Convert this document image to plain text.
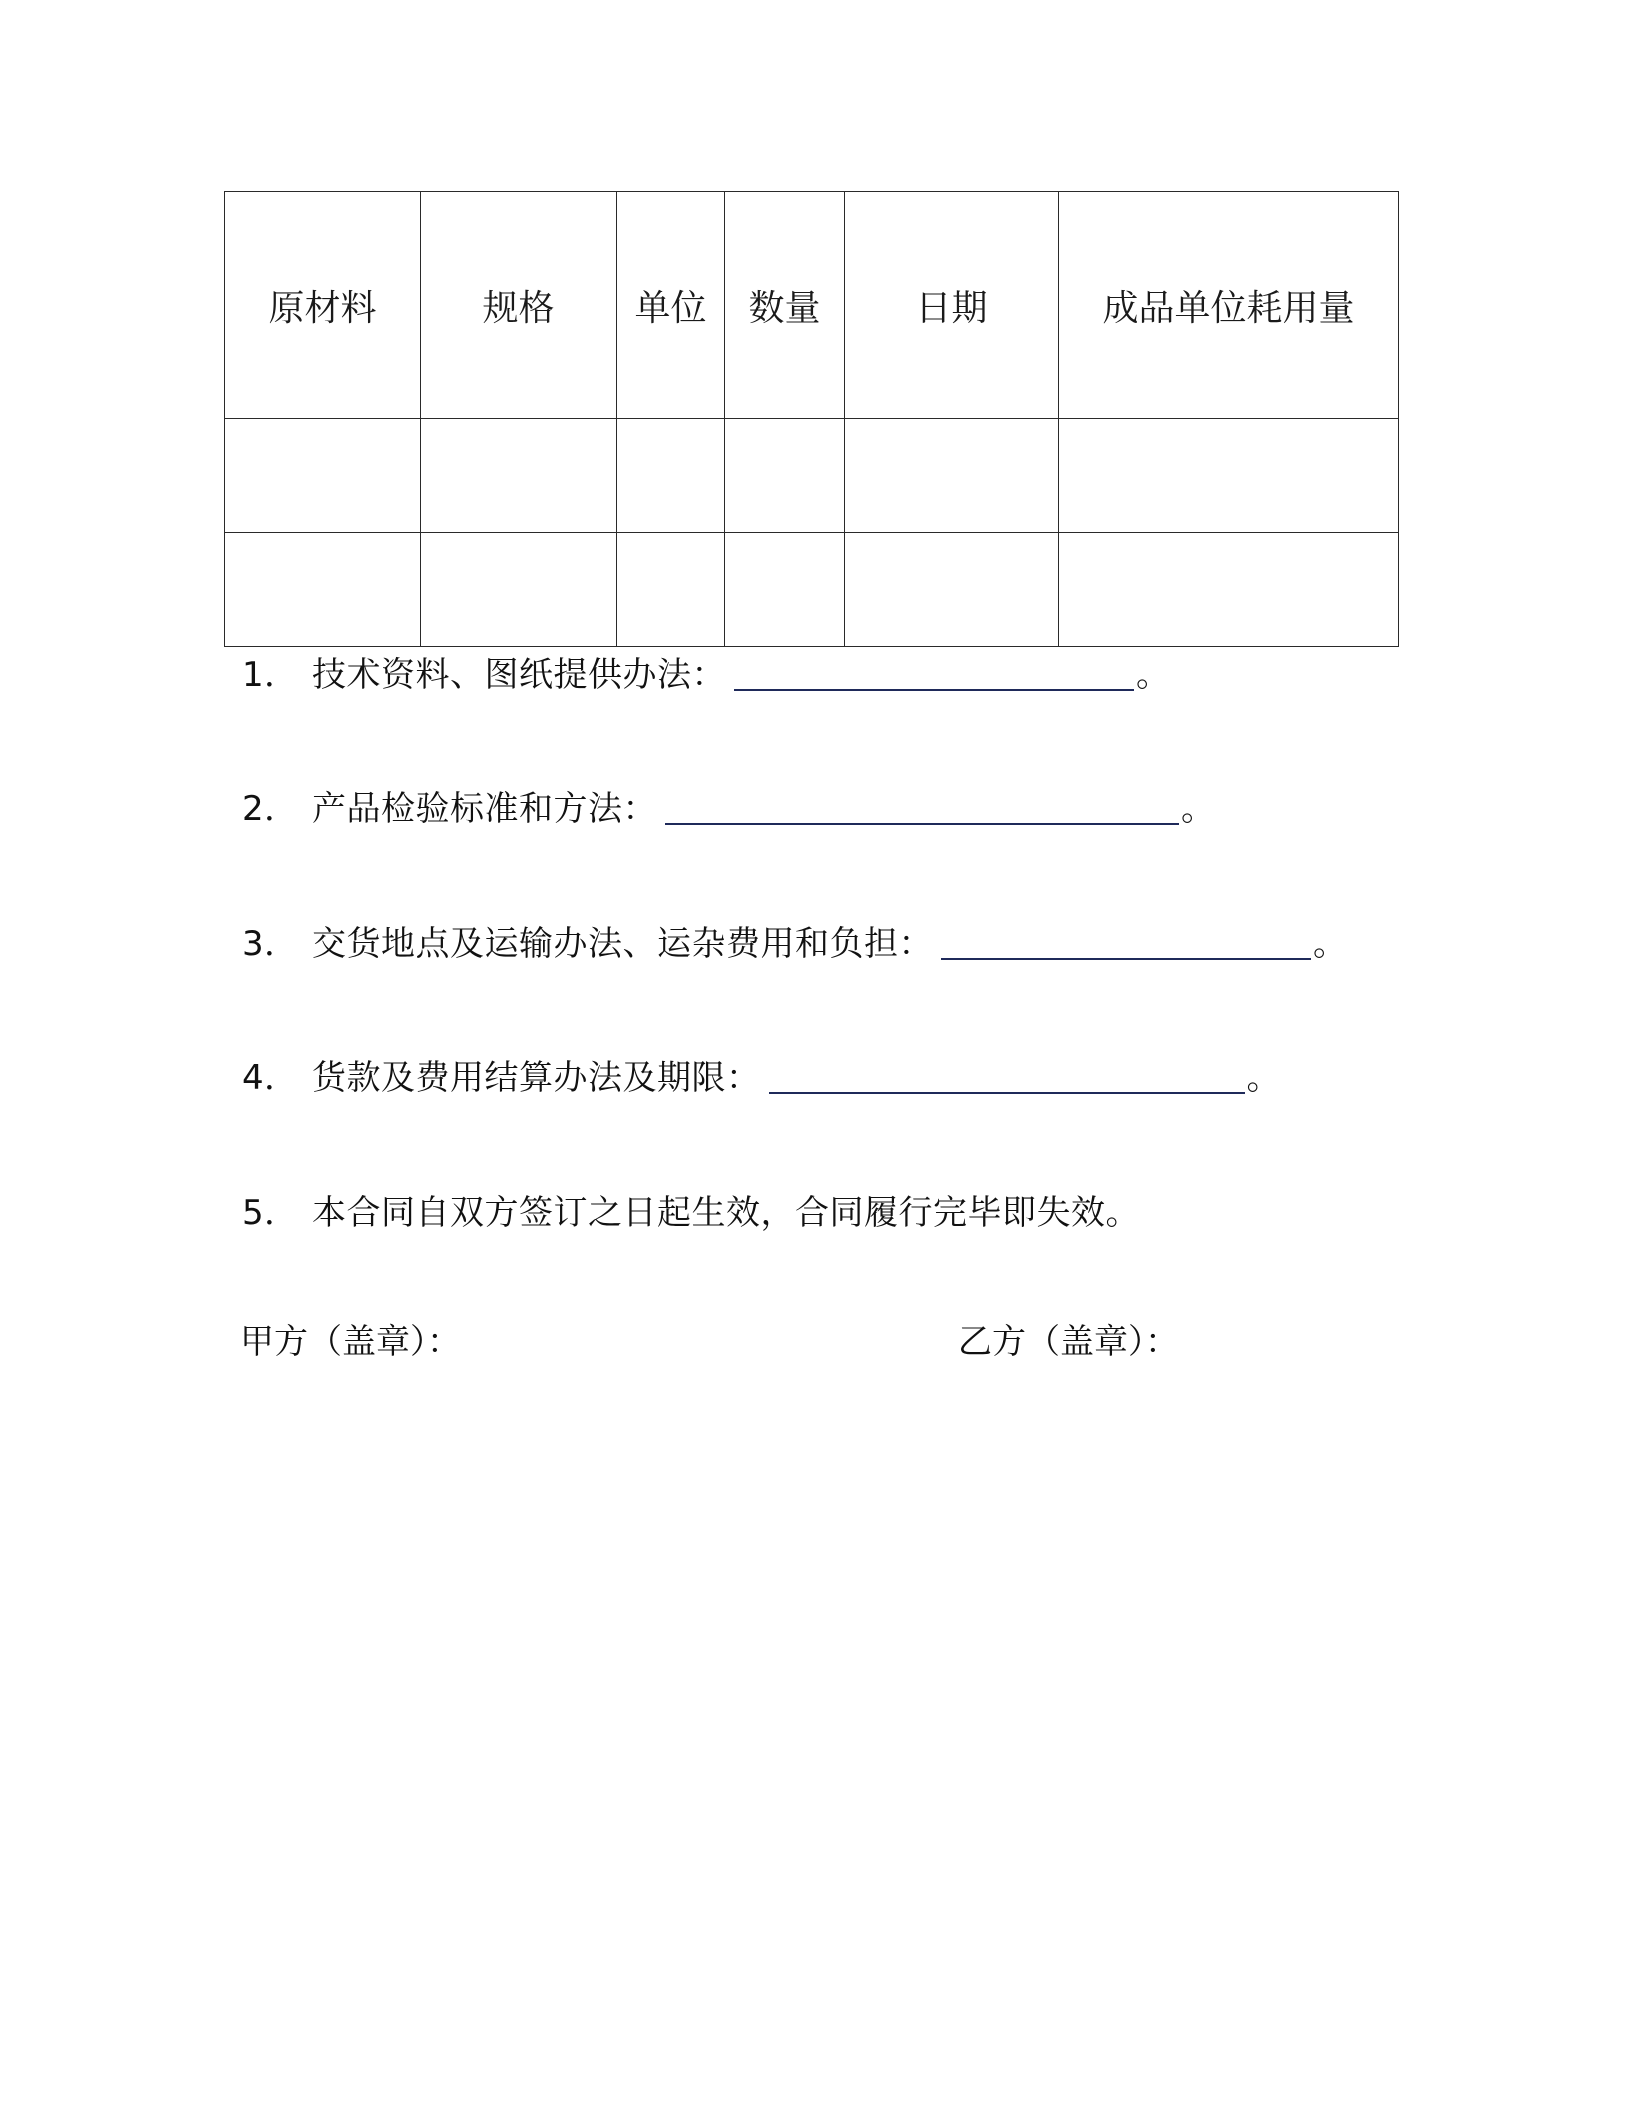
原材料	规格	单位	数量	日期	成品单位耗用量

1． 技术资料、图纸提供办法：	。
2． 产品检验标准和方法：	。
3． 交货地点及运输办法、运杂费用和负担：	。
4． 货款及费用结算办法及期限：	。
5． 本合同自双方签订之日起生效，合同履行完毕即失效。
甲方（盖章）：	乙方（盖章）：
